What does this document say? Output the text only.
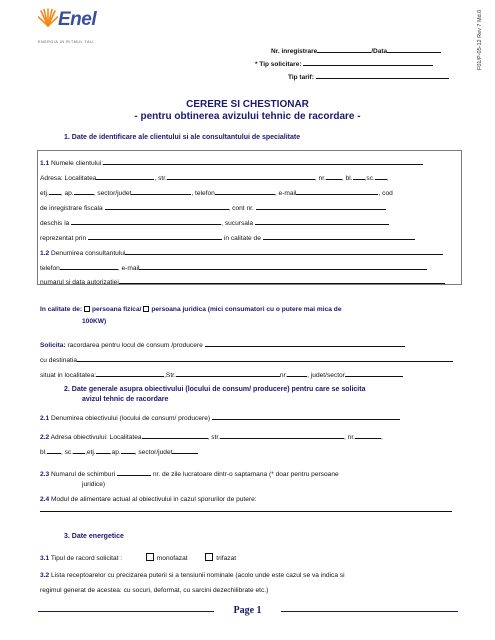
Enel
ENERGIA IN RITMUL TAU.	F01/P-05-12 Rev 7 Md.0
Nr. inregistrare	/Data
* Tip solicitare:
Tip tarif:
CERERE SI CHESTIONAR
- pentru obtinerea avizului tehnic de racordare -
1. Date de identificare ale clientului si ale consultantului de specialitate
1.1 Numele clientului:
Adresa: Localitatea	, str.	, nr. , bl. ,sc. ,
etj. , ap.	, sector/judet	, telefon	, e-mail	, cod
de inregistrare fiscala	, cont nr.
deschis la	, sucursala
reprezentat prin	in calitate de
1.2 Denumirea consultantului
telefon	, e-mail
numarul si data autorizatiei
In calitate de: persoana fizica/ persoana juridica (mici consumatori cu o putere mai mica de
100KW)
Solicita: racordarea pentru locul de consum /producere
cu destinatia
situat in localitatea:	,Str.	nr.	, judet/sector
2. Date generale asupra obiectivului (locului de consum/ producere) pentru care se solicita
avizul tehnic de racordare
2.1 Denumirea obiectivului (locului de consum/ producere)
2.2 Adresa obiectivului: Localitatea	, str.	, nr.	,
bl. , sc. ,etj. ,ap. , sector/judet
2.3 Numarul de schimburi	nr. de zile lucratoare dintr-o saptamana (* doar pentru persoane
juridice)
2.4 Modul de alimentare actual al obiectivului in cazul sporurilor de putere:
3. Date energetice
3.1 Tipul de racord solicitat :	monofazat	trifazat
3.2 Lista receptoarelor cu precizarea puterii si a tensiunii nominale (acolo unde este cazul se va indica si
regimul generat de acestea: cu socuri, deformat, cu sarcini dezechilibrate etc.)
Page 1
